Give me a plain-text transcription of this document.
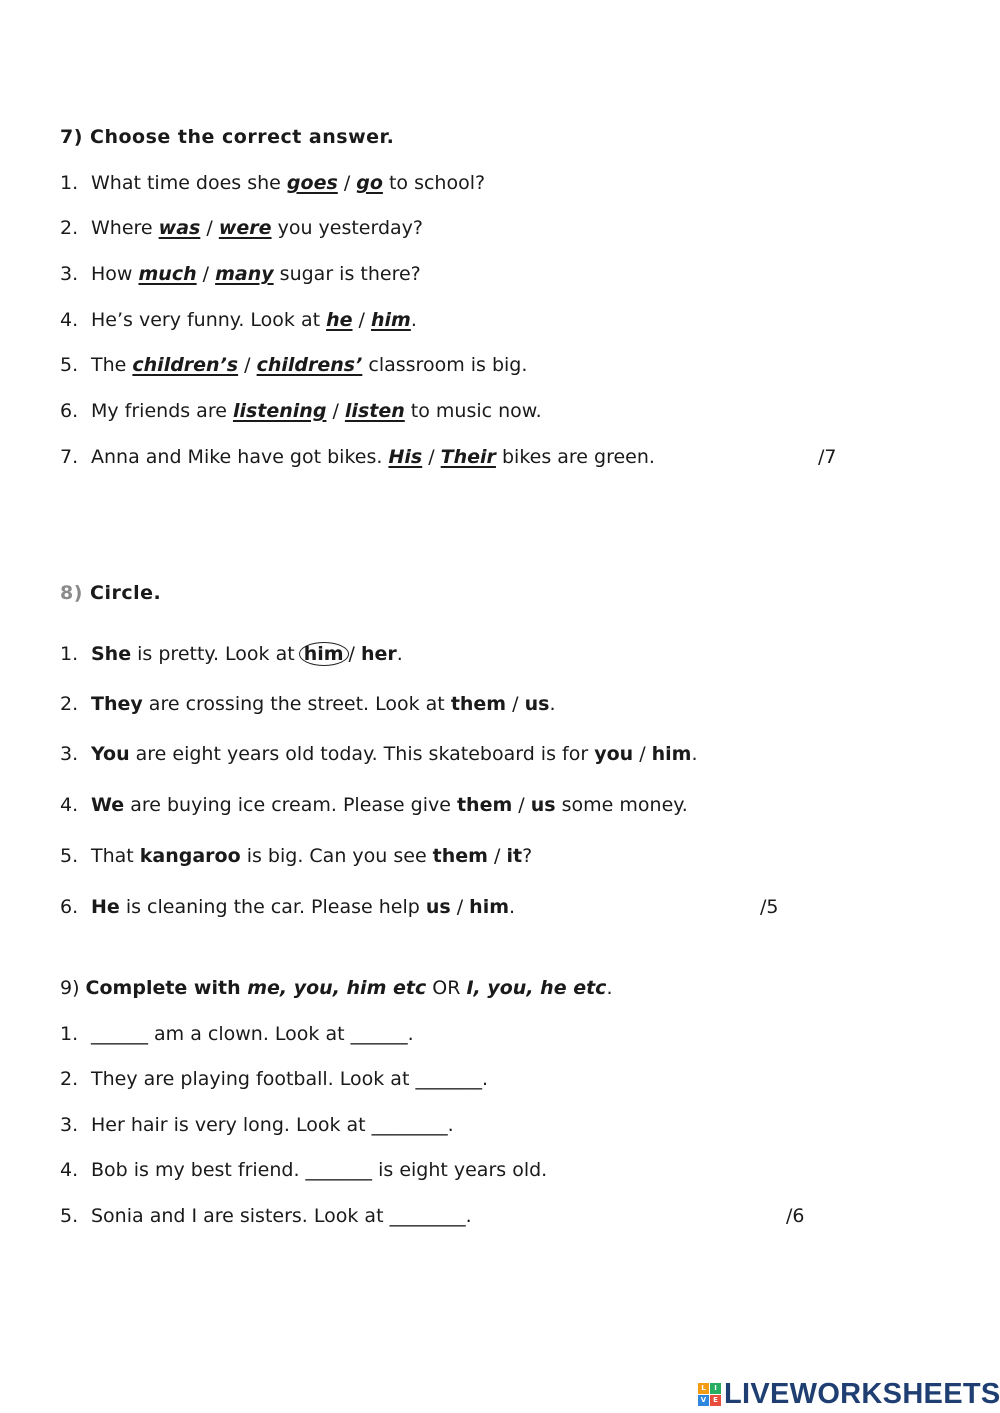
7) Choose the correct answer.
1. What time does she goes / go to school?
2. Where was / were you yesterday?
3. How much / many sugar is there?
4. He’s very funny. Look at he / him.
5. The children’s / childrens’ classroom is big.
6. My friends are listening / listen to music now.
7. Anna and Mike have got bikes. His / Their bikes are green.	/7
8) Circle.
1. She is pretty. Look at him / her.
2. They are crossing the street. Look at them / us.
3. You are eight years old today. This skateboard is for you / him.
4. We are buying ice cream. Please give them / us some money.
5. That kangaroo is big. Can you see them / it?
6. He is cleaning the car. Please help us / him.	/5
9) Complete with me, you, him etc OR I, you, he etc.
1. ______ am a clown. Look at ______.
2. They are playing football. Look at _______.
3. Her hair is very long. Look at ________.
4. Bob is my best friend. _______ is eight years old.
5. Sonia and I are sisters. Look at ________.	/6
L	I
V E LIVEWORKSHEETS
